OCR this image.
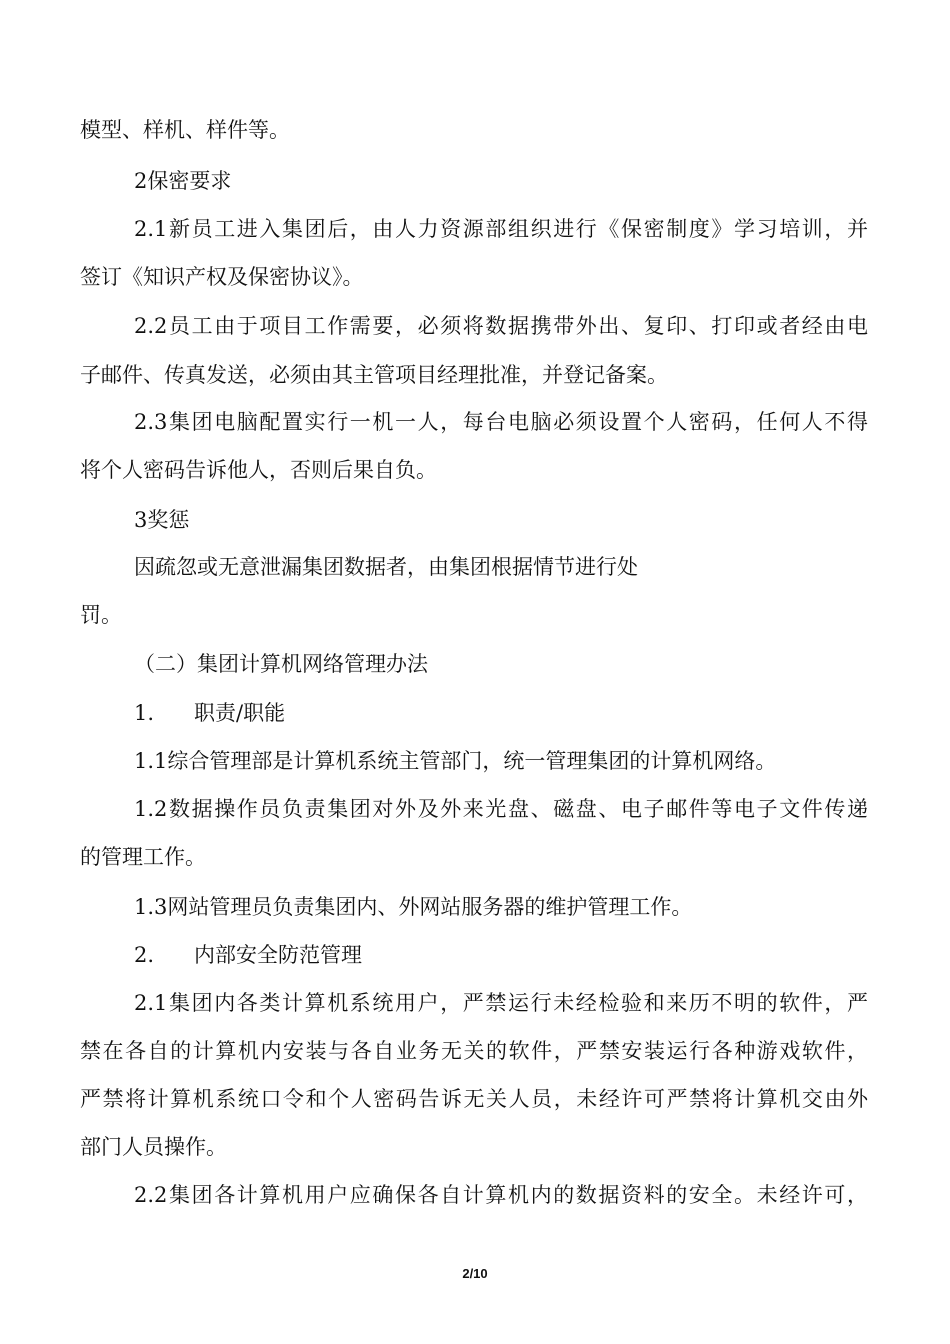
模型、样机、样件等。
2保密要求
2.1新员工进入集团后，由人力资源部组织进行《保密制度》学习培训，并
签订《知识产权及保密协议》。
2.2员工由于项目工作需要，必须将数据携带外出、复印、打印或者经由电
子邮件、传真发送，必须由其主管项目经理批准，并登记备案。
2.3集团电脑配置实行一机一人，每台电脑必须设置个人密码，任何人不得
将个人密码告诉他人，否则后果自负。
3奖惩
因疏忽或无意泄漏集团数据者，由集团根据情节进行处
罚。
（二）集团计算机网络管理办法
1. 职责/职能
1.1综合管理部是计算机系统主管部门，统一管理集团的计算机网络。
1.2数据操作员负责集团对外及外来光盘、磁盘、电子邮件等电子文件传递
的管理工作。
1.3网站管理员负责集团内、外网站服务器的维护管理工作。
2. 内部安全防范管理
2.1集团内各类计算机系统用户，严禁运行未经检验和来历不明的软件，严
禁在各自的计算机内安装与各自业务无关的软件，严禁安装运行各种游戏软件，
严禁将计算机系统口令和个人密码告诉无关人员，未经许可严禁将计算机交由外
部门人员操作。
2.2集团各计算机用户应确保各自计算机内的数据资料的安全。未经许可，
2/10
